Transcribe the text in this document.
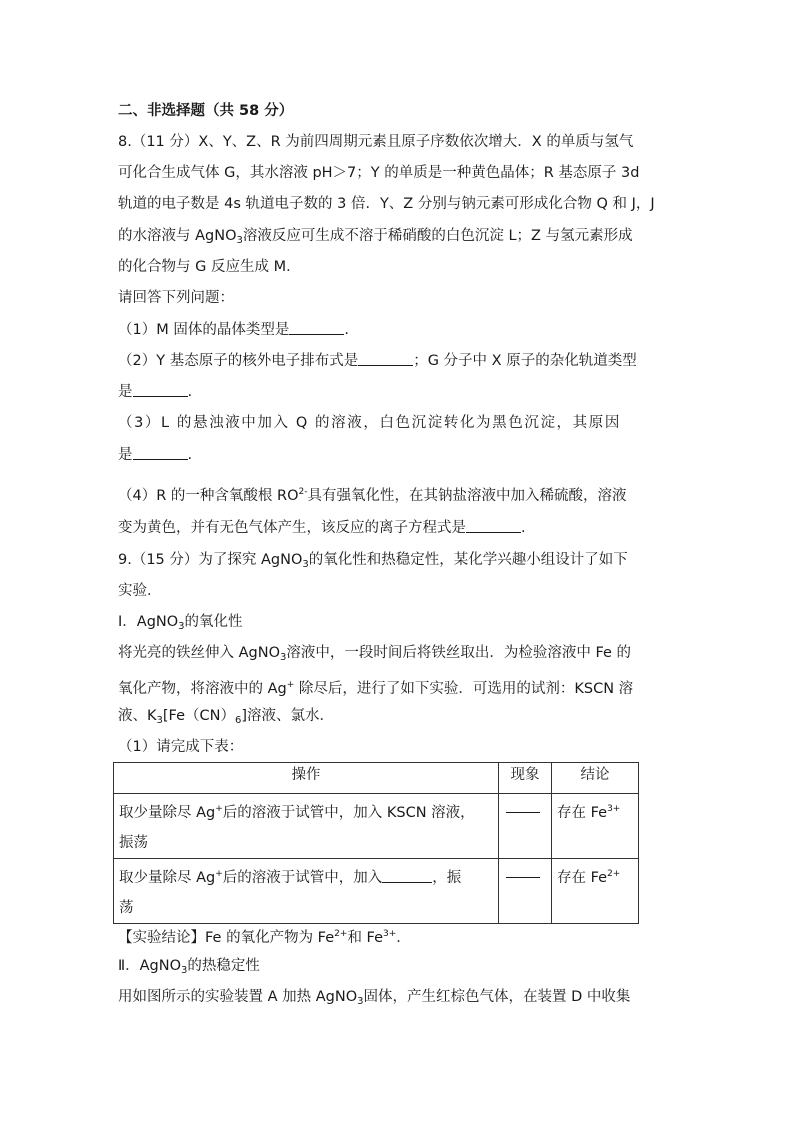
二、非选择题（共 58 分）
8.（11 分）X、Y、Z、R 为前四周期元素且原子序数依次增大．X 的单质与氢气
可化合生成气体 G，其水溶液 pH＞7；Y 的单质是一种黄色晶体；R 基态原子 3d
轨道的电子数是 4s 轨道电子数的 3 倍．Y、Z 分别与钠元素可形成化合物 Q 和 J，J
的水溶液与 AgNO$_3$溶液反应可生成不溶于稀硝酸的白色沉淀 L；Z 与氢元素形成
的化合物与 G 反应生成 M．
请回答下列问题：
（1）M 固体的晶体类型是	.
（2）Y 基态原子的核外电子排布式是	；G 分子中 X 原子的杂化轨道类型
是	.
（3）L 的悬浊液中加入 Q 的溶液，白色沉淀转化为黑色沉淀，其原因
是	.
（4）R 的一种含氧酸根 $RO^{2-}$具有强氧化性，在其钠盐溶液中加入稀硫酸，溶液
变为黄色，并有无色气体产生，该反应的离子方程式是	.
9.（15 分）为了探究 AgNO$_3$的氧化性和热稳定性，某化学兴趣小组设计了如下
实验．
Ⅰ．AgNO$_3$的氧化性
将光亮的铁丝伸入 AgNO$_3$溶液中，一段时间后将铁丝取出．为检验溶液中 Fe 的
氧化产物，将溶液中的 Ag+ 除尽后，进行了如下实验．可选用的试剂：KSCN 溶
液、$K_3[Fe(CN)_6]$溶液、氯水．
（1）请完成下表：
操作	现象	结论

取少量除尽 Ag+后的溶液于试管中，加入 KSCN 溶液，
振荡		存在 $Fe^{3+}$

取少量除尽 Ag+后的溶液于试管中，加入 ，振
荡		存在 $Fe^{2+}$
【实验结论】Fe 的氧化产物为 $Fe^{2+}$和 $Fe^{3+}$．
Ⅱ．AgNO$_3$的热稳定性
用如图所示的实验装置 A 加热 AgNO$_3$固体，产生红棕色气体，在装置 D 中收集
